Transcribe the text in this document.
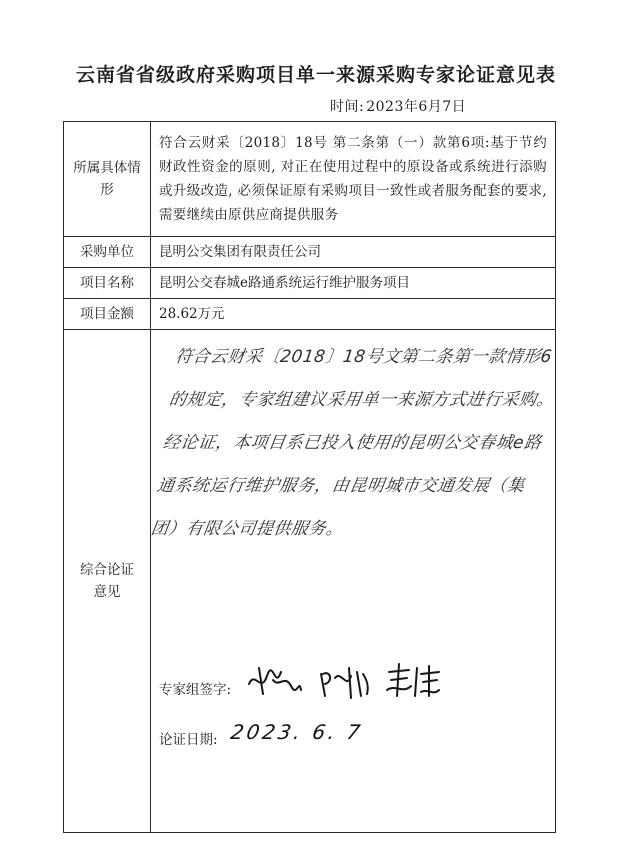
云南省省级政府采购项目单一来源采购专家论证意见表
时间: 2023年6月7日
所属具体情形	符合云财采〔2018〕18号 第二条第（一）款第6项:基于节约财政性资金的原则, 对正在使用过程中的原设备或系统进行添购或升级改造, 必须保证原有采购项目一致性或者服务配套的要求, 需要继续由原供应商提供服务
采购单位	昆明公交集团有限责任公司
项目名称	昆明公交春城e路通系统运行维护服务项目
项目金额	28.62万元
综合论证意见	符合云财采〔2018〕18号文第二条第一款情形6的规定，专家组建议采用单一来源方式进行采购。经论证，本项目系已投入使用的昆明公交春城e路通系统运行维护服务，由昆明城市交通发展（集团）有限公司提供服务。
专家组签字:
论证日期: 2023. 6. 7
